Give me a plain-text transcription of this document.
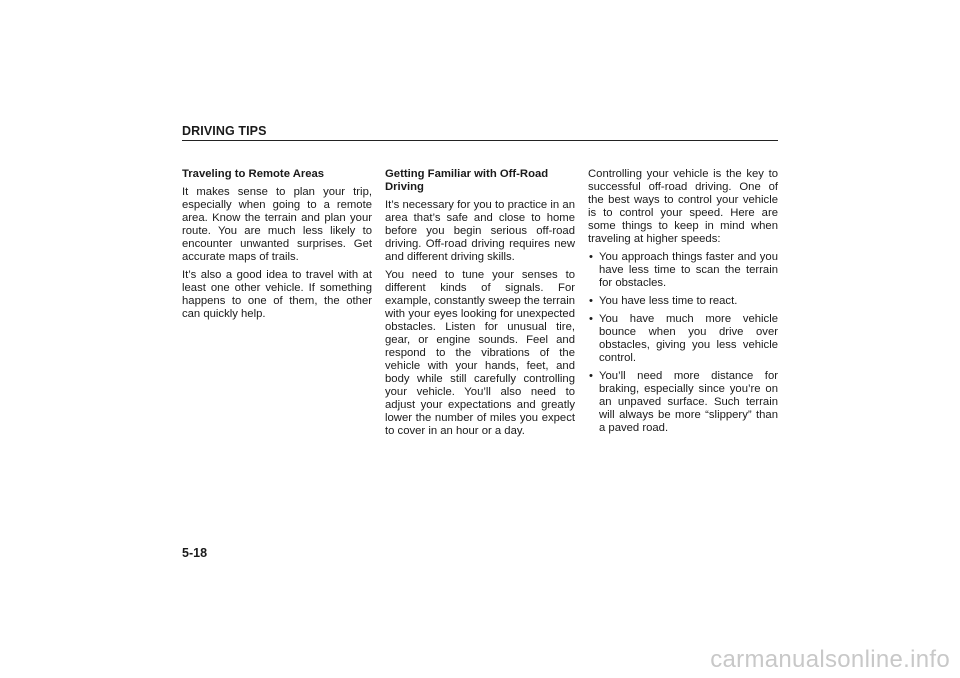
DRIVING TIPS
Traveling to Remote Areas

It makes sense to plan your trip, especially when going to a remote area. Know the terrain and plan your route. You are much less likely to encounter unwanted surprises. Get accurate maps of trails.

It’s also a good idea to travel with at least one other vehicle. If something happens to one of them, the other can quickly help.

Getting Familiar with Off-Road Driving

It’s necessary for you to practice in an area that’s safe and close to home before you begin serious off-road driving. Off-road driving requires new and different driving skills.

You need to tune your senses to different kinds of signals. For example, constantly sweep the terrain with your eyes looking for unexpected obstacles. Listen for unusual tire, gear, or engine sounds. Feel and respond to the vibrations of the vehicle with your hands, feet, and body while still carefully controlling your vehicle. You’ll also need to adjust your expectations and greatly lower the number of miles you expect to cover in an hour or a day.

Controlling your vehicle is the key to successful off-road driving. One of the best ways to control your vehicle is to control your speed. Here are some things to keep in mind when traveling at higher speeds:

• You approach things faster and you have less time to scan the terrain for obstacles.
• You have less time to react.
• You have much more vehicle bounce when you drive over obstacles, giving you less vehicle control.
• You’ll need more distance for braking, especially since you’re on an unpaved surface. Such terrain will always be more “slippery” than a paved road.
5-18
carmanualsonline.info
